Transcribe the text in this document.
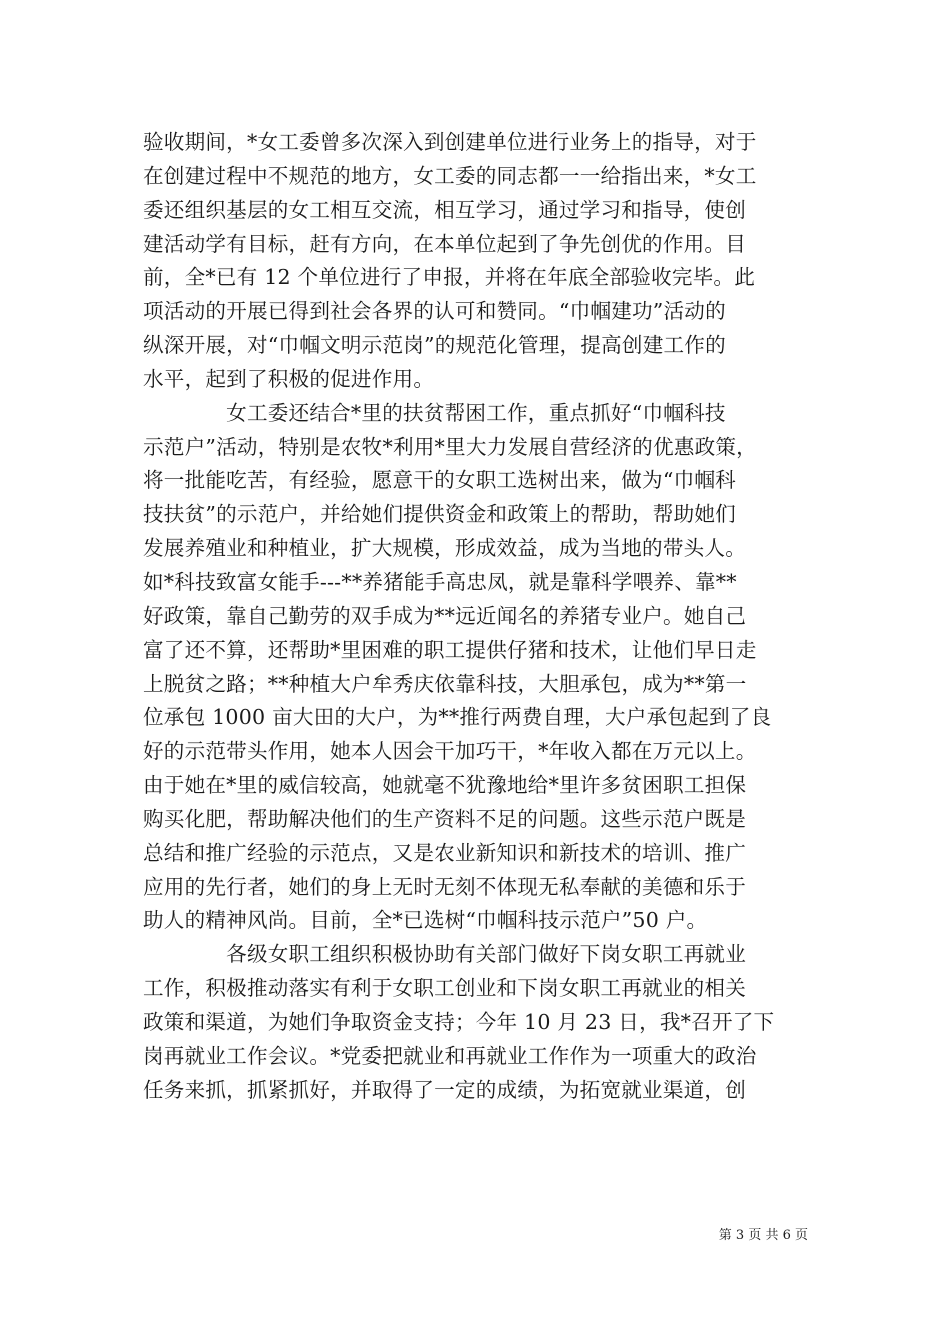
验收期间，*女工委曾多次深入到创建单位进行业务上的指导，对于
在创建过程中不规范的地方，女工委的同志都一一给指出来，*女工
委还组织基层的女工相互交流，相互学习，通过学习和指导，使创
建活动学有目标，赶有方向，在本单位起到了争先创优的作用。目
前，全*已有 12 个单位进行了申报，并将在年底全部验收完毕。此
项活动的开展已得到社会各界的认可和赞同。“巾帼建功”活动的
纵深开展，对“巾帼文明示范岗”的规范化管理，提高创建工作的
水平，起到了积极的促进作用。
　　　　女工委还结合*里的扶贫帮困工作，重点抓好“巾帼科技
示范户”活动，特别是农牧*利用*里大力发展自营经济的优惠政策，
将一批能吃苦，有经验，愿意干的女职工选树出来，做为“巾帼科
技扶贫”的示范户，并给她们提供资金和政策上的帮助，帮助她们
发展养殖业和种植业，扩大规模，形成效益，成为当地的带头人。
如*科技致富女能手---**养猪能手高忠凤，就是靠科学喂养、靠**
好政策，靠自己勤劳的双手成为**远近闻名的养猪专业户。她自己
富了还不算，还帮助*里困难的职工提供仔猪和技术，让他们早日走
上脱贫之路；**种植大户牟秀庆依靠科技，大胆承包，成为**第一
位承包 1000 亩大田的大户，为**推行两费自理，大户承包起到了良
好的示范带头作用，她本人因会干加巧干，*年收入都在万元以上。
由于她在*里的威信较高，她就毫不犹豫地给*里许多贫困职工担保
购买化肥，帮助解决他们的生产资料不足的问题。这些示范户既是
总结和推广经验的示范点，又是农业新知识和新技术的培训、推广
应用的先行者，她们的身上无时无刻不体现无私奉献的美德和乐于
助人的精神风尚。目前，全*已选树“巾帼科技示范户”50 户。
　　　　各级女职工组织积极协助有关部门做好下岗女职工再就业
工作，积极推动落实有利于女职工创业和下岗女职工再就业的相关
政策和渠道，为她们争取资金支持；今年 10 月 23 日，我*召开了下
岗再就业工作会议。*党委把就业和再就业工作作为一项重大的政治
任务来抓，抓紧抓好，并取得了一定的成绩，为拓宽就业渠道，创
第 3 页 共 6 页
